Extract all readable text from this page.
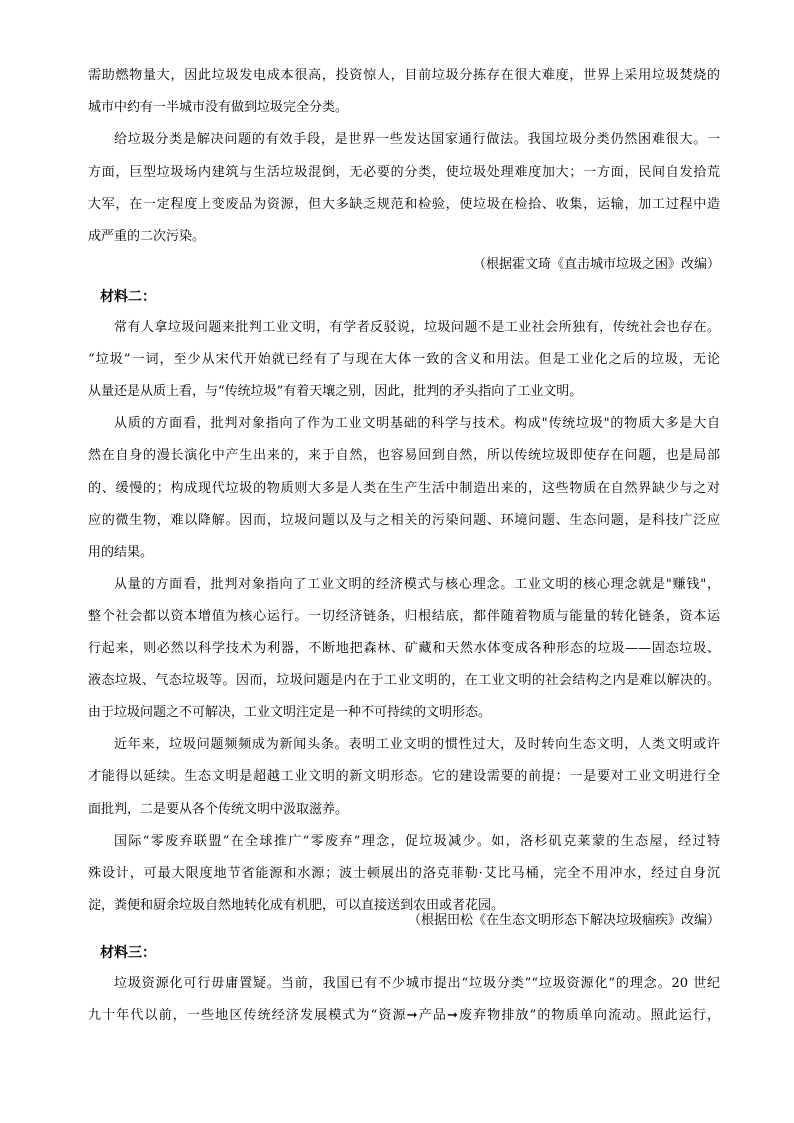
需助燃物量大，因此垃圾发电成本很高，投资惊人，目前垃圾分拣存在很大难度，世界上采用垃圾焚烧的
城市中约有一半城市没有做到垃圾完全分类。
给垃圾分类是解决问题的有效手段，是世界一些发达国家通行做法。我国垃圾分类仍然困难很大。一
方面，巨型垃圾场内建筑与生活垃圾混倒，无必要的分类，使垃圾处理难度加大；一方面，民间自发拾荒
大军，在一定程度上变废品为资源，但大多缺乏规范和检验，使垃圾在检拾、收集，运输，加工过程中造
成严重的二次污染。
（根据霍文琦《直击城市垃圾之困》改编）
材料二：
常有人拿垃圾问题来批判工业文明，有学者反驳说，垃圾问题不是工业社会所独有，传统社会也存在。
“垃圾”一词，至少从宋代开始就已经有了与现在大体一致的含义和用法。但是工业化之后的垃圾，无论
从量还是从质上看，与“传统垃圾”有着天壤之别，因此，批判的矛头指向了工业文明。
从质的方面看，批判对象指向了作为工业文明基础的科学与技术。构成"传统垃圾"的物质大多是大自
然在自身的漫长演化中产生出来的，来于自然，也容易回到自然，所以传统垃圾即使存在问题，也是局部
的、缓慢的；构成现代垃圾的物质则大多是人类在生产生活中制造出来的，这些物质在自然界缺少与之对
应的微生物，难以降解。因而，垃圾问题以及与之相关的污染问题、环境问题、生态问题，是科技广泛应
用的结果。
从量的方面看，批判对象指向了工业文明的经济模式与核心理念。工业文明的核心理念就是"赚钱"，
整个社会都以资本增值为核心运行。一切经济链条，归根结底，都伴随着物质与能量的转化链条，资本运
行起来，则必然以科学技术为利器，不断地把森林、矿藏和天然水体变成各种形态的垃圾——固态垃圾、
液态垃圾、气态垃圾等。因而，垃圾问题是内在于工业文明的，在工业文明的社会结构之内是难以解决的。
由于垃圾问题之不可解决，工业文明注定是一种不可持续的文明形态。
近年来，垃圾问题频频成为新闻头条。表明工业文明的惯性过大，及时转向生态文明，人类文明或许
才能得以延续。生态文明是超越工业文明的新文明形态。它的建设需要的前提：一是要对工业文明进行全
面批判，二是要从各个传统文明中汲取滋养。
国际“零废弃联盟”在全球推广“零废弃”理念，促垃圾减少。如，洛杉矶克莱蒙的生态屋，经过特
殊设计，可最大限度地节省能源和水源；波士顿展出的洛克菲勒·艾比马桶，完全不用冲水，经过自身沉
淀，粪便和厨余垃圾自然地转化成有机肥，可以直接送到农田或者花园。
（根据田松《在生态文明形态下解决垃圾痼疾》改编）
材料三：
垃圾资源化可行毋庸置疑。当前，我国已有不少城市提出“垃圾分类”“垃圾资源化”的理念。20 世纪
九十年代以前，一些地区传统经济发展模式为“资源➞产品➞废弃物排放”的物质单向流动。照此运行，
